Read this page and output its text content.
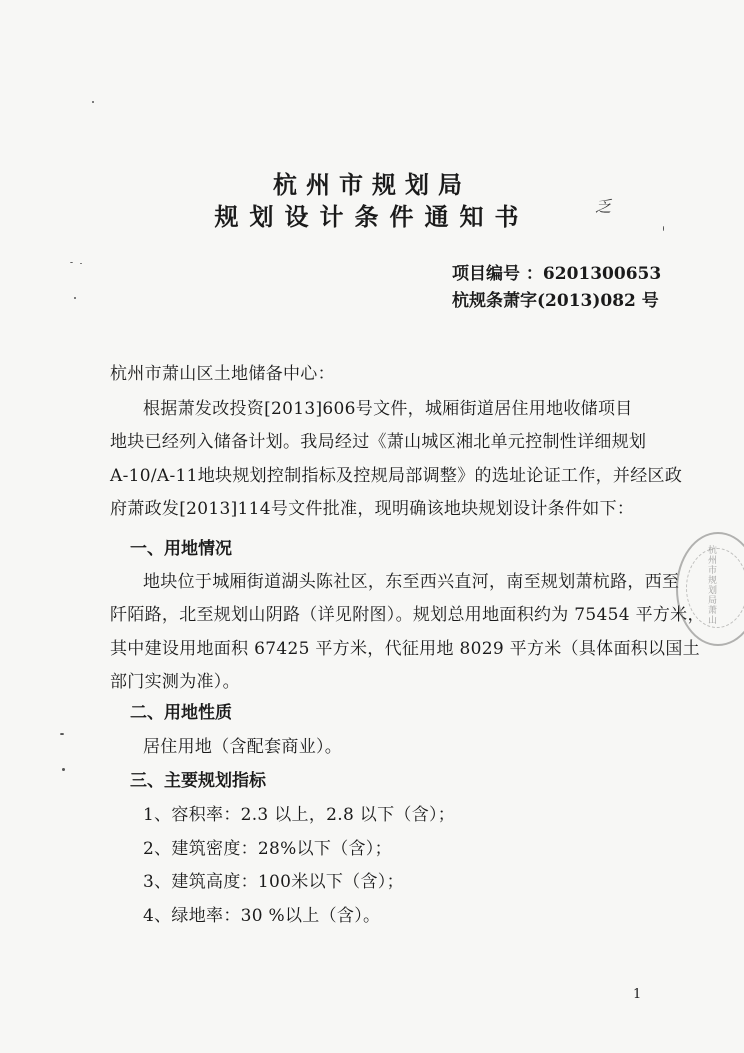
杭州市规划局
规划设计条件通知书	乏
项目编号 ：6201300653
杭规条萧字(2013)082 号
杭州市萧山区土地储备中心：
根据萧发改投资[2013]606号文件，城厢街道居住用地收储项目
地块已经列入储备计划。我局经过《萧山城区湘北单元控制性详细规划
A-10/A-11地块规划控制指标及控规局部调整》的选址论证工作，并经区政
府萧政发[2013]114号文件批准，现明确该地块规划设计条件如下：
一、用地情况
地块位于城厢街道湖头陈社区，东至西兴直河，南至规划萧杭路，西至
阡陌路，北至规划山阴路（详见附图）。规划总用地面积约为 75454 平方米，
其中建设用地面积 67425 平方米，代征用地 8029 平方米（具体面积以国土
部门实测为准）。
二、用地性质
居住用地（含配套商业）。
三、主要规划指标
1、容积率：2.3 以上，2.8 以下（含）；
2、建筑密度：28%以下（含）；
3、建筑高度：100米以下（含）；
4、绿地率：30 %以上（含）。
1
杭州市规划局萧山
